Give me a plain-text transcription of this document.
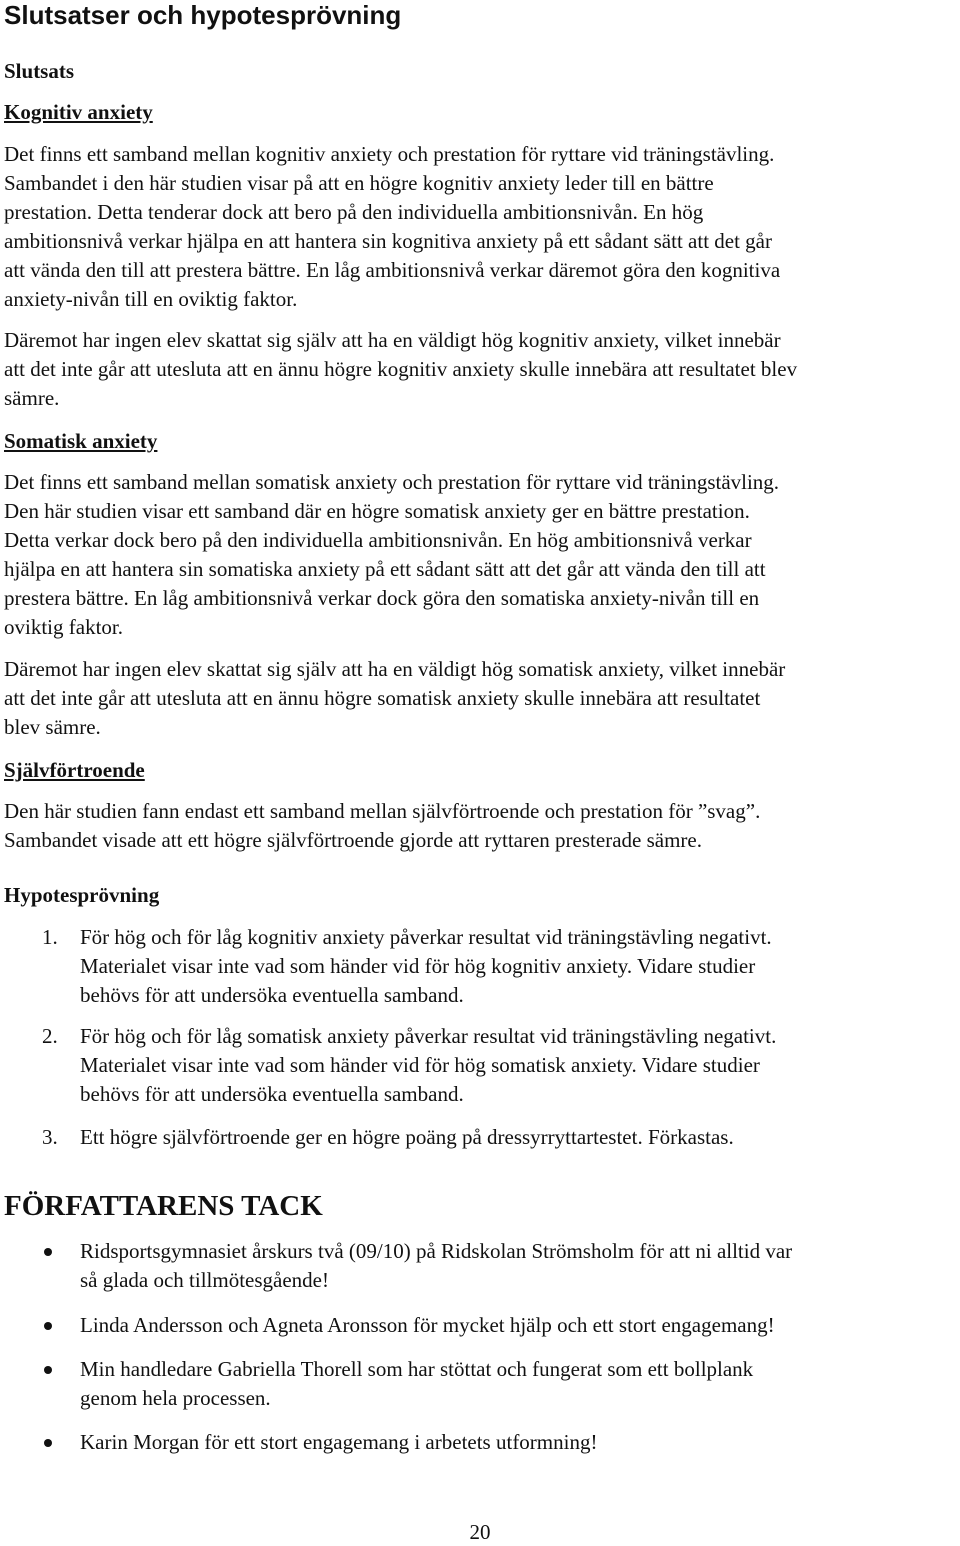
Slutsatser och hypotesprövning
Slutsats
Kognitiv anxiety
Det finns ett samband mellan kognitiv anxiety och prestation för ryttare vid träningstävling.
Sambandet i den här studien visar på att en högre kognitiv anxiety leder till en bättre
prestation. Detta tenderar dock att bero på den individuella ambitionsnivån. En hög
ambitionsnivå verkar hjälpa en att hantera sin kognitiva anxiety på ett sådant sätt att det går
att vända den till att prestera bättre. En låg ambitionsnivå verkar däremot göra den kognitiva
anxiety-nivån till en oviktig faktor.
Däremot har ingen elev skattat sig själv att ha en väldigt hög kognitiv anxiety, vilket innebär
att det inte går att utesluta att en ännu högre kognitiv anxiety skulle innebära att resultatet blev
sämre.
Somatisk anxiety
Det finns ett samband mellan somatisk anxiety och prestation för ryttare vid träningstävling.
Den här studien visar ett samband där en högre somatisk anxiety ger en bättre prestation.
Detta verkar dock bero på den individuella ambitionsnivån. En hög ambitionsnivå verkar
hjälpa en att hantera sin somatiska anxiety på ett sådant sätt att det går att vända den till att
prestera bättre. En låg ambitionsnivå verkar dock göra den somatiska anxiety-nivån till en
oviktig faktor.
Däremot har ingen elev skattat sig själv att ha en väldigt hög somatisk anxiety, vilket innebär
att det inte går att utesluta att en ännu högre somatisk anxiety skulle innebära att resultatet
blev sämre.
Självförtroende
Den här studien fann endast ett samband mellan självförtroende och prestation för ”svag”.
Sambandet visade att ett högre självförtroende gjorde att ryttaren presterade sämre.
Hypotesprövning
1. För hög och för låg kognitiv anxiety påverkar resultat vid träningstävling negativt.
Materialet visar inte vad som händer vid för hög kognitiv anxiety. Vidare studier
behövs för att undersöka eventuella samband.
2. För hög och för låg somatisk anxiety påverkar resultat vid träningstävling negativt.
Materialet visar inte vad som händer vid för hög somatisk anxiety. Vidare studier
behövs för att undersöka eventuella samband.
3. Ett högre självförtroende ger en högre poäng på dressyrryttartestet. Förkastas.
FÖRFATTARENS TACK
Ridsportsgymnasiet årskurs två (09/10) på Ridskolan Strömsholm för att ni alltid var
så glada och tillmötesgående!
Linda Andersson och Agneta Aronsson för mycket hjälp och ett stort engagemang!
Min handledare Gabriella Thorell som har stöttat och fungerat som ett bollplank
genom hela processen.
Karin Morgan för ett stort engagemang i arbetets utformning!
20
